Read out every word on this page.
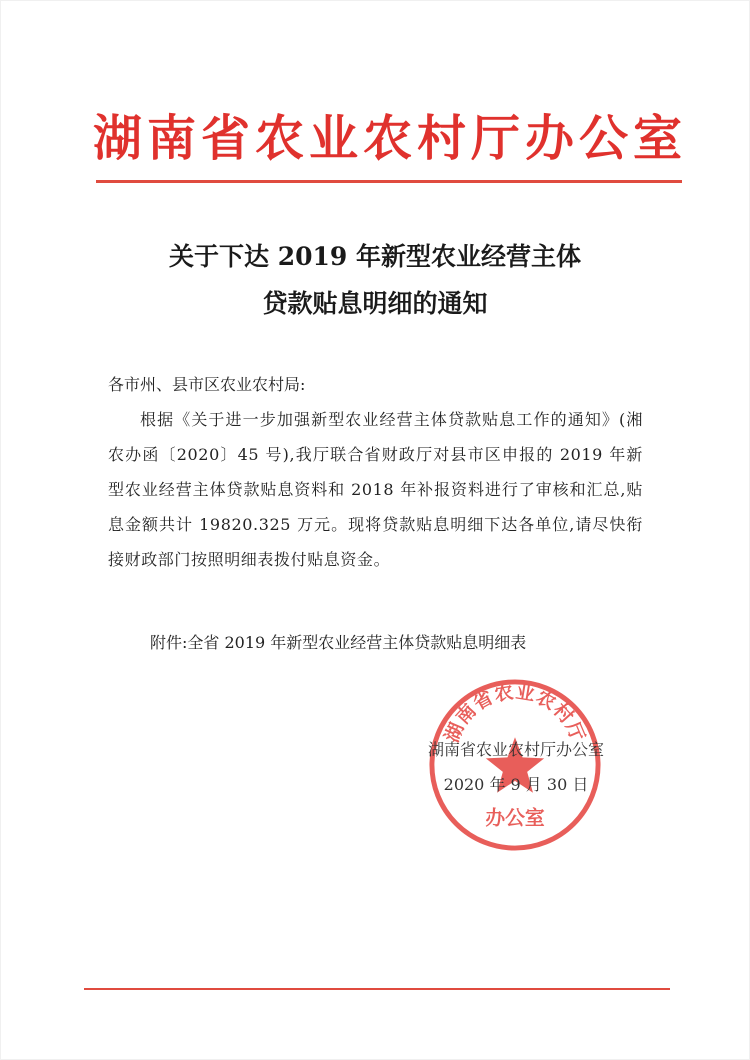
湖南省农业农村厅办公室
关于下达 2019 年新型农业经营主体
贷款贴息明细的通知
各市州、县市区农业农村局:
根据《关于进一步加强新型农业经营主体贷款贴息工作的通知》(湘农办函〔2020〕45 号),我厅联合省财政厅对县市区申报的 2019 年新型农业经营主体贷款贴息资料和 2018 年补报资料进行了审核和汇总,贴息金额共计 19820.325 万元。现将贷款贴息明细下达各单位,请尽快衔接财政部门按照明细表拨付贴息资金。
附件:全省 2019 年新型农业经营主体贷款贴息明细表
湖南省农业农村厅
办公室
湖南省农业农村厅办公室
2020 年 9 月 30 日
